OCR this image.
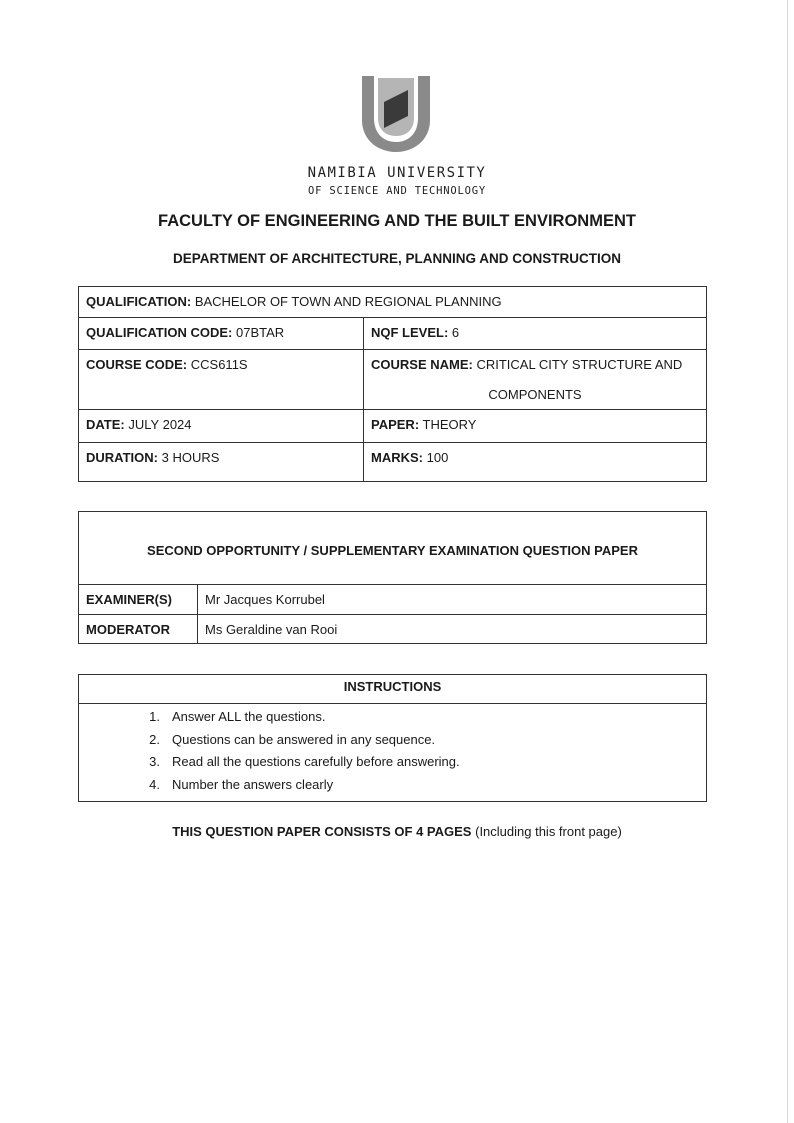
NAMIBIA UNIVERSITY
OF SCIENCE AND TECHNOLOGY
FACULTY OF ENGINEERING AND THE BUILT ENVIRONMENT
DEPARTMENT OF ARCHITECTURE, PLANNING AND CONSTRUCTION
QUALIFICATION: BACHELOR OF TOWN AND REGIONAL PLANNING
QUALIFICATION CODE: 07BTAR	NQF LEVEL: 6
COURSE CODE: CCS611S	COURSE NAME: CRITICAL CITY STRUCTURE AND
COMPONENTS
DATE: JULY 2024	PAPER: THEORY
DURATION: 3 HOURS	MARKS: 100
SECOND OPPORTUNITY / SUPPLEMENTARY EXAMINATION QUESTION PAPER
EXAMINER(S)	Mr Jacques Korrubel
MODERATOR	Ms Geraldine van Rooi
INSTRUCTIONS
1. Answer ALL the questions.
2. Questions can be answered in any sequence.
3. Read all the questions carefully before answering.
4. Number the answers clearly
THIS QUESTION PAPER CONSISTS OF 4 PAGES (Including this front page)
